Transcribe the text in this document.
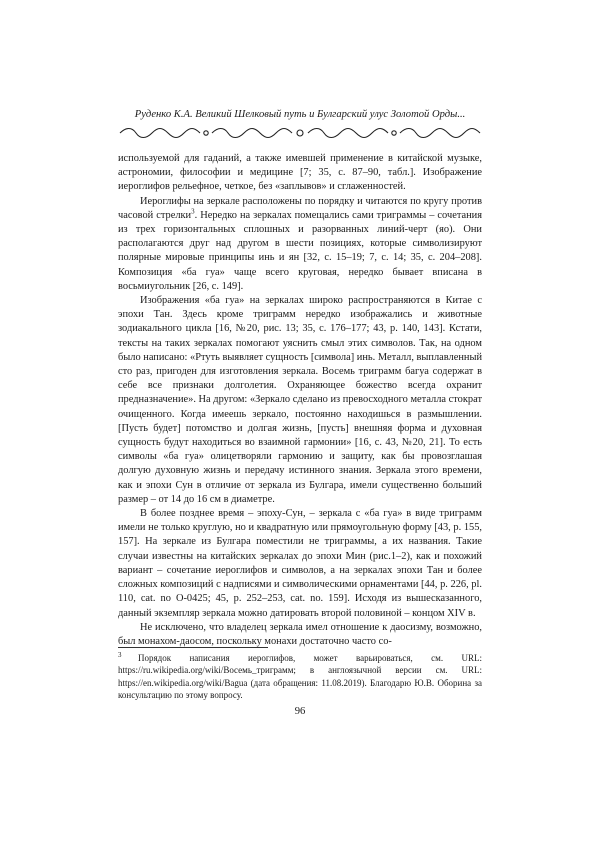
Руденко К.А. Великий Шелковый путь и Булгарский улус Золотой Орды...

используемой для гаданий, а также имевшей применение в китайской музыке, астрономии, философии и медицине [7; 35, с. 87–90, табл.]. Изображение иероглифов рельефное, четкое, без «заплывов» и сглаженностей.

Иероглифы на зеркале расположены по порядку и читаются по кругу против часовой стрелки$^3$. Нередко на зеркалах помещались сами триграммы – сочетания из трех горизонтальных сплошных и разорванных линий-черт (яо). Они располагаются друг над другом в шести позициях, которые символизируют полярные мировые принципы инь и ян [32, с. 15–19; 7, с. 14; 35, с. 204–208]. Композиция «ба гуа» чаще всего круговая, нередко бывает вписана в восьмиугольник [26, с. 149].

Изображения «ба гуа» на зеркалах широко распространяются в Китае с эпохи Тан. Здесь кроме триграмм нередко изображались и животные зодиакального цикла [16, №20, рис. 13; 35, с. 176–177; 43, р. 140, 143]. Кстати, тексты на таких зеркалах помогают уяснить смыл этих символов. Так, на одном было написано: «Ртуть выявляет сущность [символа] инь. Металл, выплавленный сто раз, пригоден для изготовления зеркала. Восемь триграмм багуа содержат в себе все признаки долголетия. Охраняющее божество всегда охранит предназначение». На другом: «Зеркало сделано из превосходного металла стократ очищенного. Когда имеешь зеркало, постоянно находишься в размышлении. [Пусть будет] потомство и долгая жизнь, [пусть] внешняя форма и духовная сущность будут находиться во взаимной гармонии» [16, с. 43, №20, 21]. То есть символы «ба гуа» олицетворяли гармонию и защиту, как бы провозглашая долгую духовную жизнь и передачу истинного знания. Зеркала этого времени, как и эпохи Сун в отличие от зеркала из Булгара, имели существенно больший размер – от 14 до 16 см в диаметре.

В более позднее время – эпоху-Сун, – зеркала с «ба гуа» в виде триграмм имели не только круглую, но и квадратную или прямоугольную форму [43, р. 155, 157]. На зеркале из Булгара поместили не триграммы, а их названия. Такие случаи известны на китайских зеркалах до эпохи Мин (рис.1–2), как и похожий вариант – сочетание иероглифов и символов, а на зеркалах эпохи Тан и более сложных композиций с надписями и символическими орнаментами [44, р. 226, pl. 110, cat. no O-0425; 45, р. 252–253, cat. no. 159]. Исходя из вышесказанного, данный экземпляр зеркала можно датировать второй половиной – концом XIV в.

Не исключено, что владелец зеркала имел отношение к даосизму, возможно, был монахом-даосом, поскольку монахи достаточно часто со-

3 Порядок написания иероглифов, может варьироваться, см. URL: https://ru.wikipedia.org/wiki/Восемь_триграмм; в англоязычной версии см. URL: https://en.wikipedia.org/wiki/Bagua (дата обращения: 11.08.2019). Благодарю Ю.В. Оборина за консультацию по этому вопросу.
96
